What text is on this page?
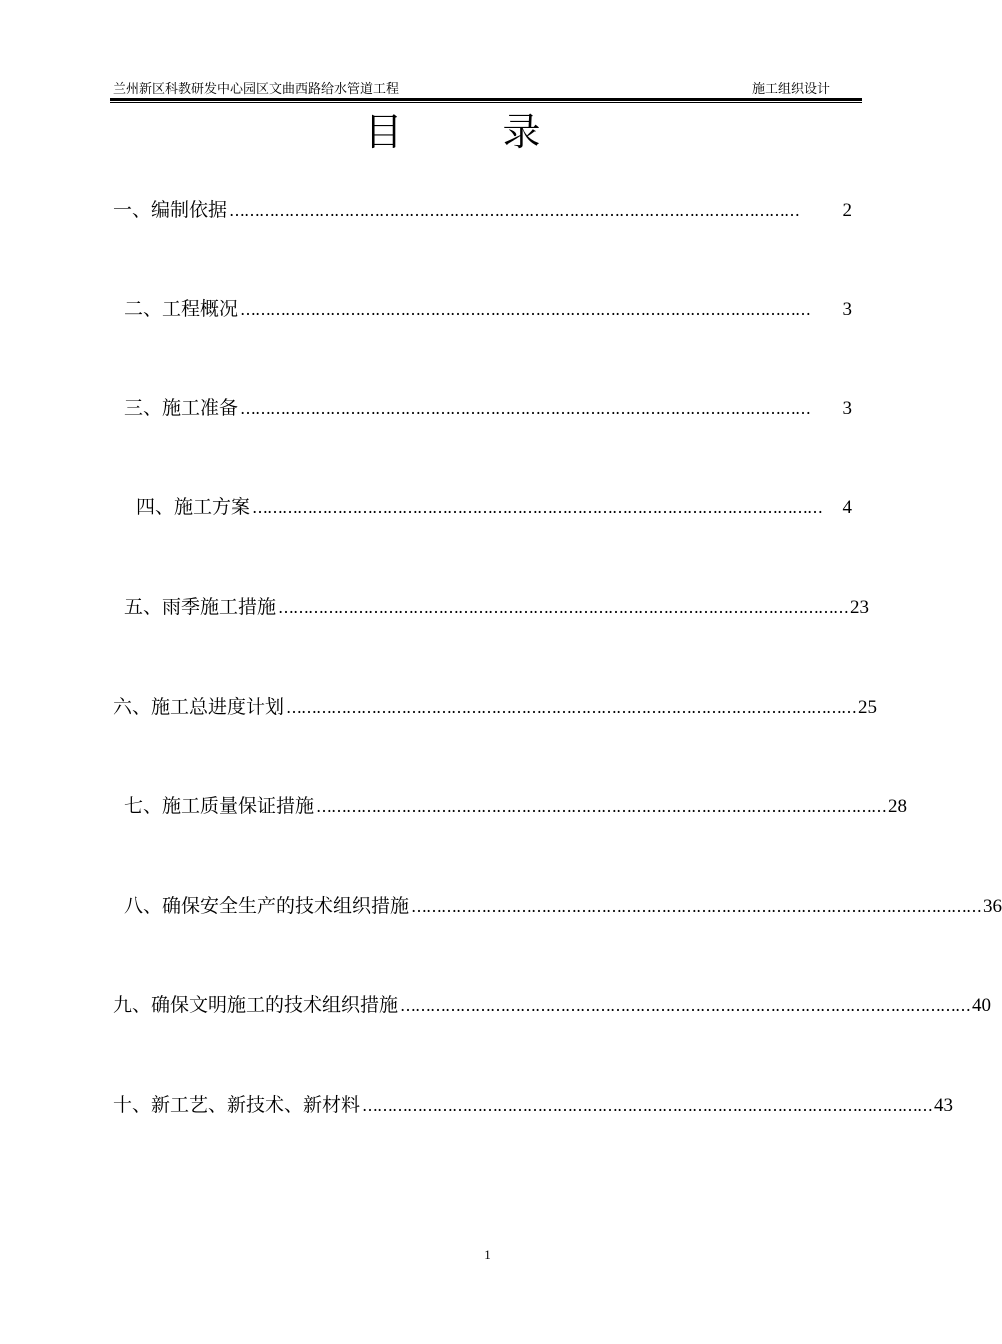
兰州新区科教研发中心园区文曲西路给水管道工程	施工组织设计
目录
一、编制依据 ……………………………………………………………………………………………………	2
二、工程概况 ……………………………………………………………………………………………………	3
三、施工准备 ……………………………………………………………………………………………………	3
四、施工方案 ……………………………………………………………………………………………………	4
五、雨季施工措施 …………………………………………………………………………………………………… 23
六、施工总进度计划 …………………………………………………………………………………………………… 25
七、施工质量保证措施 …………………………………………………………………………………………………… 28
八、确保安全生产的技术组织措施 …………………………………………………………………………………………………… 36
九、确保文明施工的技术组织措施 …………………………………………………………………………………………………… 40
十、新工艺、新技术、新材料 …………………………………………………………………………………………………… 43
1
